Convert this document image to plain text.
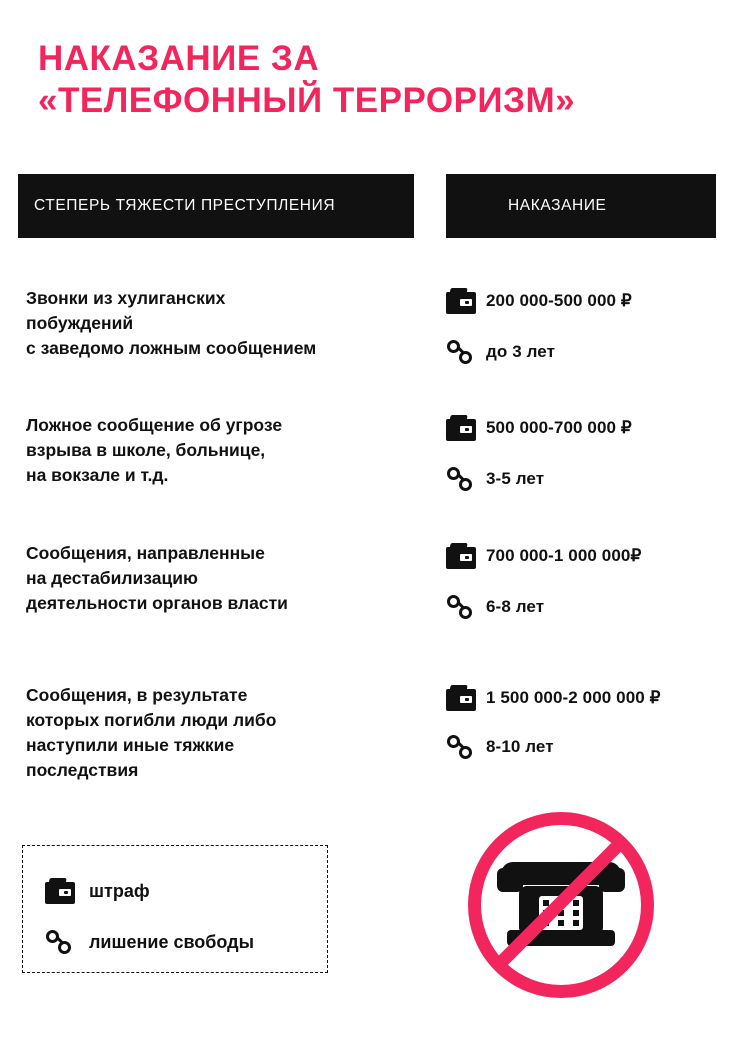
НАКАЗАНИЕ ЗА
«ТЕЛЕФОННЫЙ ТЕРРОРИЗМ»
СТЕПЕРЬ ТЯЖЕСТИ ПРЕСТУПЛЕНИЯ	НАКАЗАНИЕ
Звонки из хулиганских
побуждений
с заведомо ложным сообщением
200 000-500 000 ₽
до 3 лет
Ложное сообщение об угрозе
взрыва в школе, больнице,
на вокзале и т.д.
500 000-700 000 ₽
3-5 лет
Сообщения, направленные
на дестабилизацию
деятельности органов власти
700 000-1 000 000₽
6-8 лет
Сообщения, в результате
которых погибли люди либо
наступили иные тяжкие
последствия
1 500 000-2 000 000 ₽
8-10 лет
штраф
лишение свободы
